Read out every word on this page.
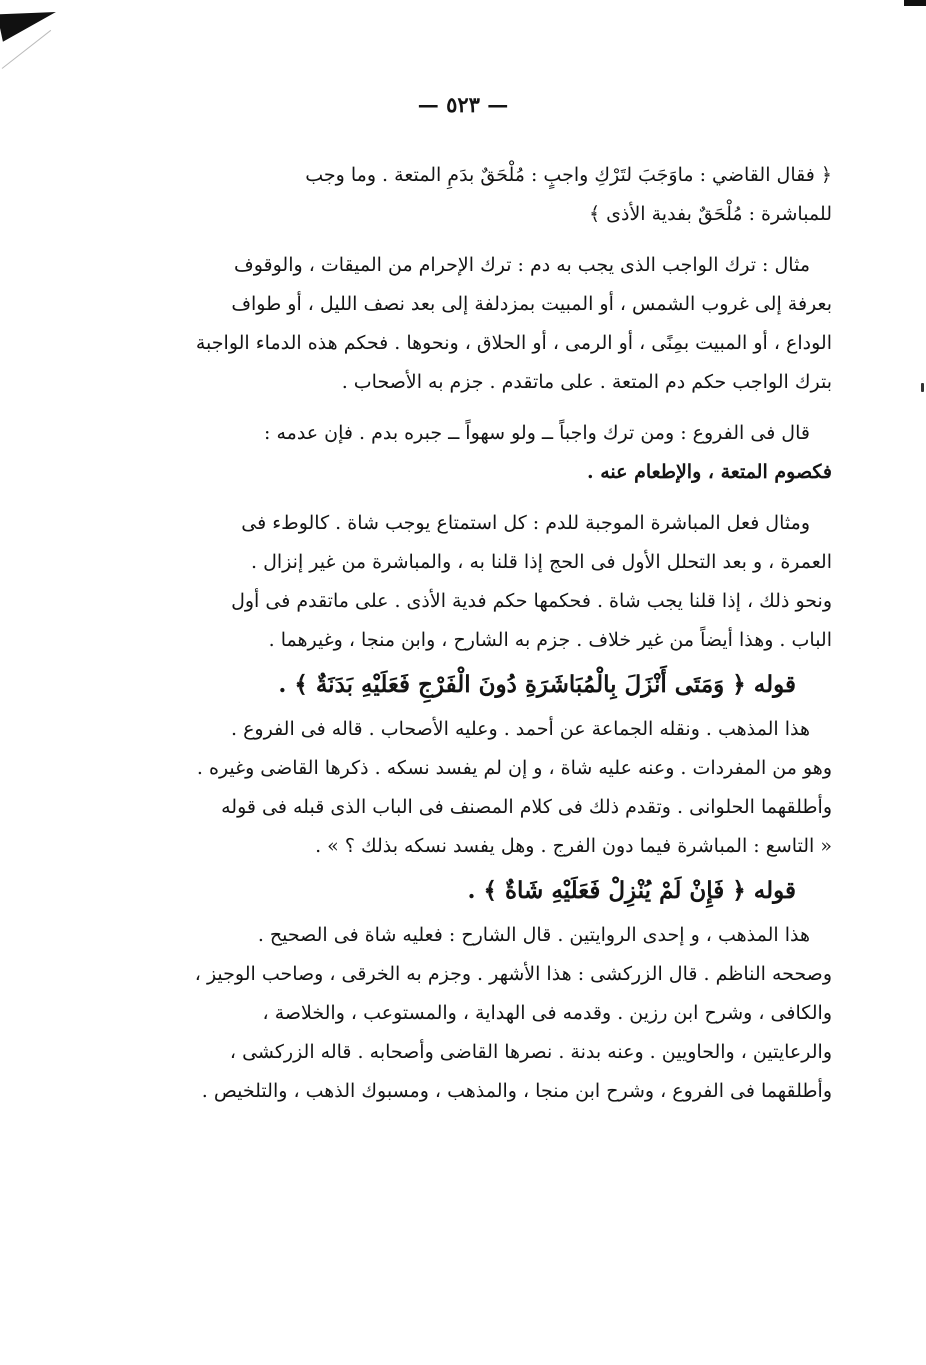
— ٥٢٣ —

﴿ فقال القاضي : ماوَجَبَ لتَرْكِ واجبٍ : مُلْحَقٌ بدَمِ المتعة . وما وجب

للمباشرة : مُلْحَقٌ بفدية الأذى ﴾

مثال : ترك الواجب الذى يجب به دم : ترك الإحرام من الميقات ، والوقوف

بعرفة إلى غروب الشمس ، أو المبيت بمزدلفة إلى بعد نصف الليل ، أو طواف

الوداع ، أو المبيت بمِنًى ، أو الرمى ، أو الحلاق ، ونحوها . فحكم هذه الدماء الواجبة

بترك الواجب حكم دم المتعة . على ماتقدم . جزم به الأصحاب .

قال فى الفروع : ومن ترك واجباً ــ ولو سهواً ــ جبره بدم . فإن عدمه :

فكصوم المتعة ، والإطعام عنه .

ومثال فعل المباشرة الموجبة للدم : كل استمتاع يوجب شاة . كالوطء فى

العمرة ، و بعد التحلل الأول فى الحج إذا قلنا به ، والمباشرة من غير إنزال .

ونحو ذلك ، إذا قلنا يجب شاة . فحكمها حكم فدية الأذى . على ماتقدم فى أول

الباب . وهذا أيضاً من غير خلاف . جزم به الشارح ، وابن منجا ، وغيرهما .

قوله ﴿ وَمَتَى أَنْزَلَ بِالْمُبَاشَرَةِ دُونَ الْفَرْجِ فَعَلَيْهِ بَدَنَةٌ ﴾ .

هذا المذهب . ونقله الجماعة عن أحمد . وعليه الأصحاب . قاله فى الفروع .

وهو من المفردات . وعنه عليه شاة ، و إن لم يفسد نسكه . ذكرها القاضى وغيره .

وأطلقهما الحلوانى . وتقدم ذلك فى كلام المصنف فى الباب الذى قبله فى قوله

« التاسع : المباشرة فيما دون الفرج . وهل يفسد نسكه بذلك ؟ » .

قوله ﴿ فَإِنْ لَمْ يُنْزِلْ فَعَلَيْهِ شَاةٌ ﴾ .

هذا المذهب ، و إحدى الروايتين . قال الشارح : فعليه شاة فى الصحيح .

وصححه الناظم . قال الزركشى : هذا الأشهر . وجزم به الخرقى ، وصاحب الوجيز ،

والكافى ، وشرح ابن رزين . وقدمه فى الهداية ، والمستوعب ، والخلاصة ،

والرعايتين ، والحاويين . وعنه بدنة . نصرها القاضى وأصحابه . قاله الزركشى ،

وأطلقهما فى الفروع ، وشرح ابن منجا ، والمذهب ، ومسبوك الذهب ، والتلخيص .
